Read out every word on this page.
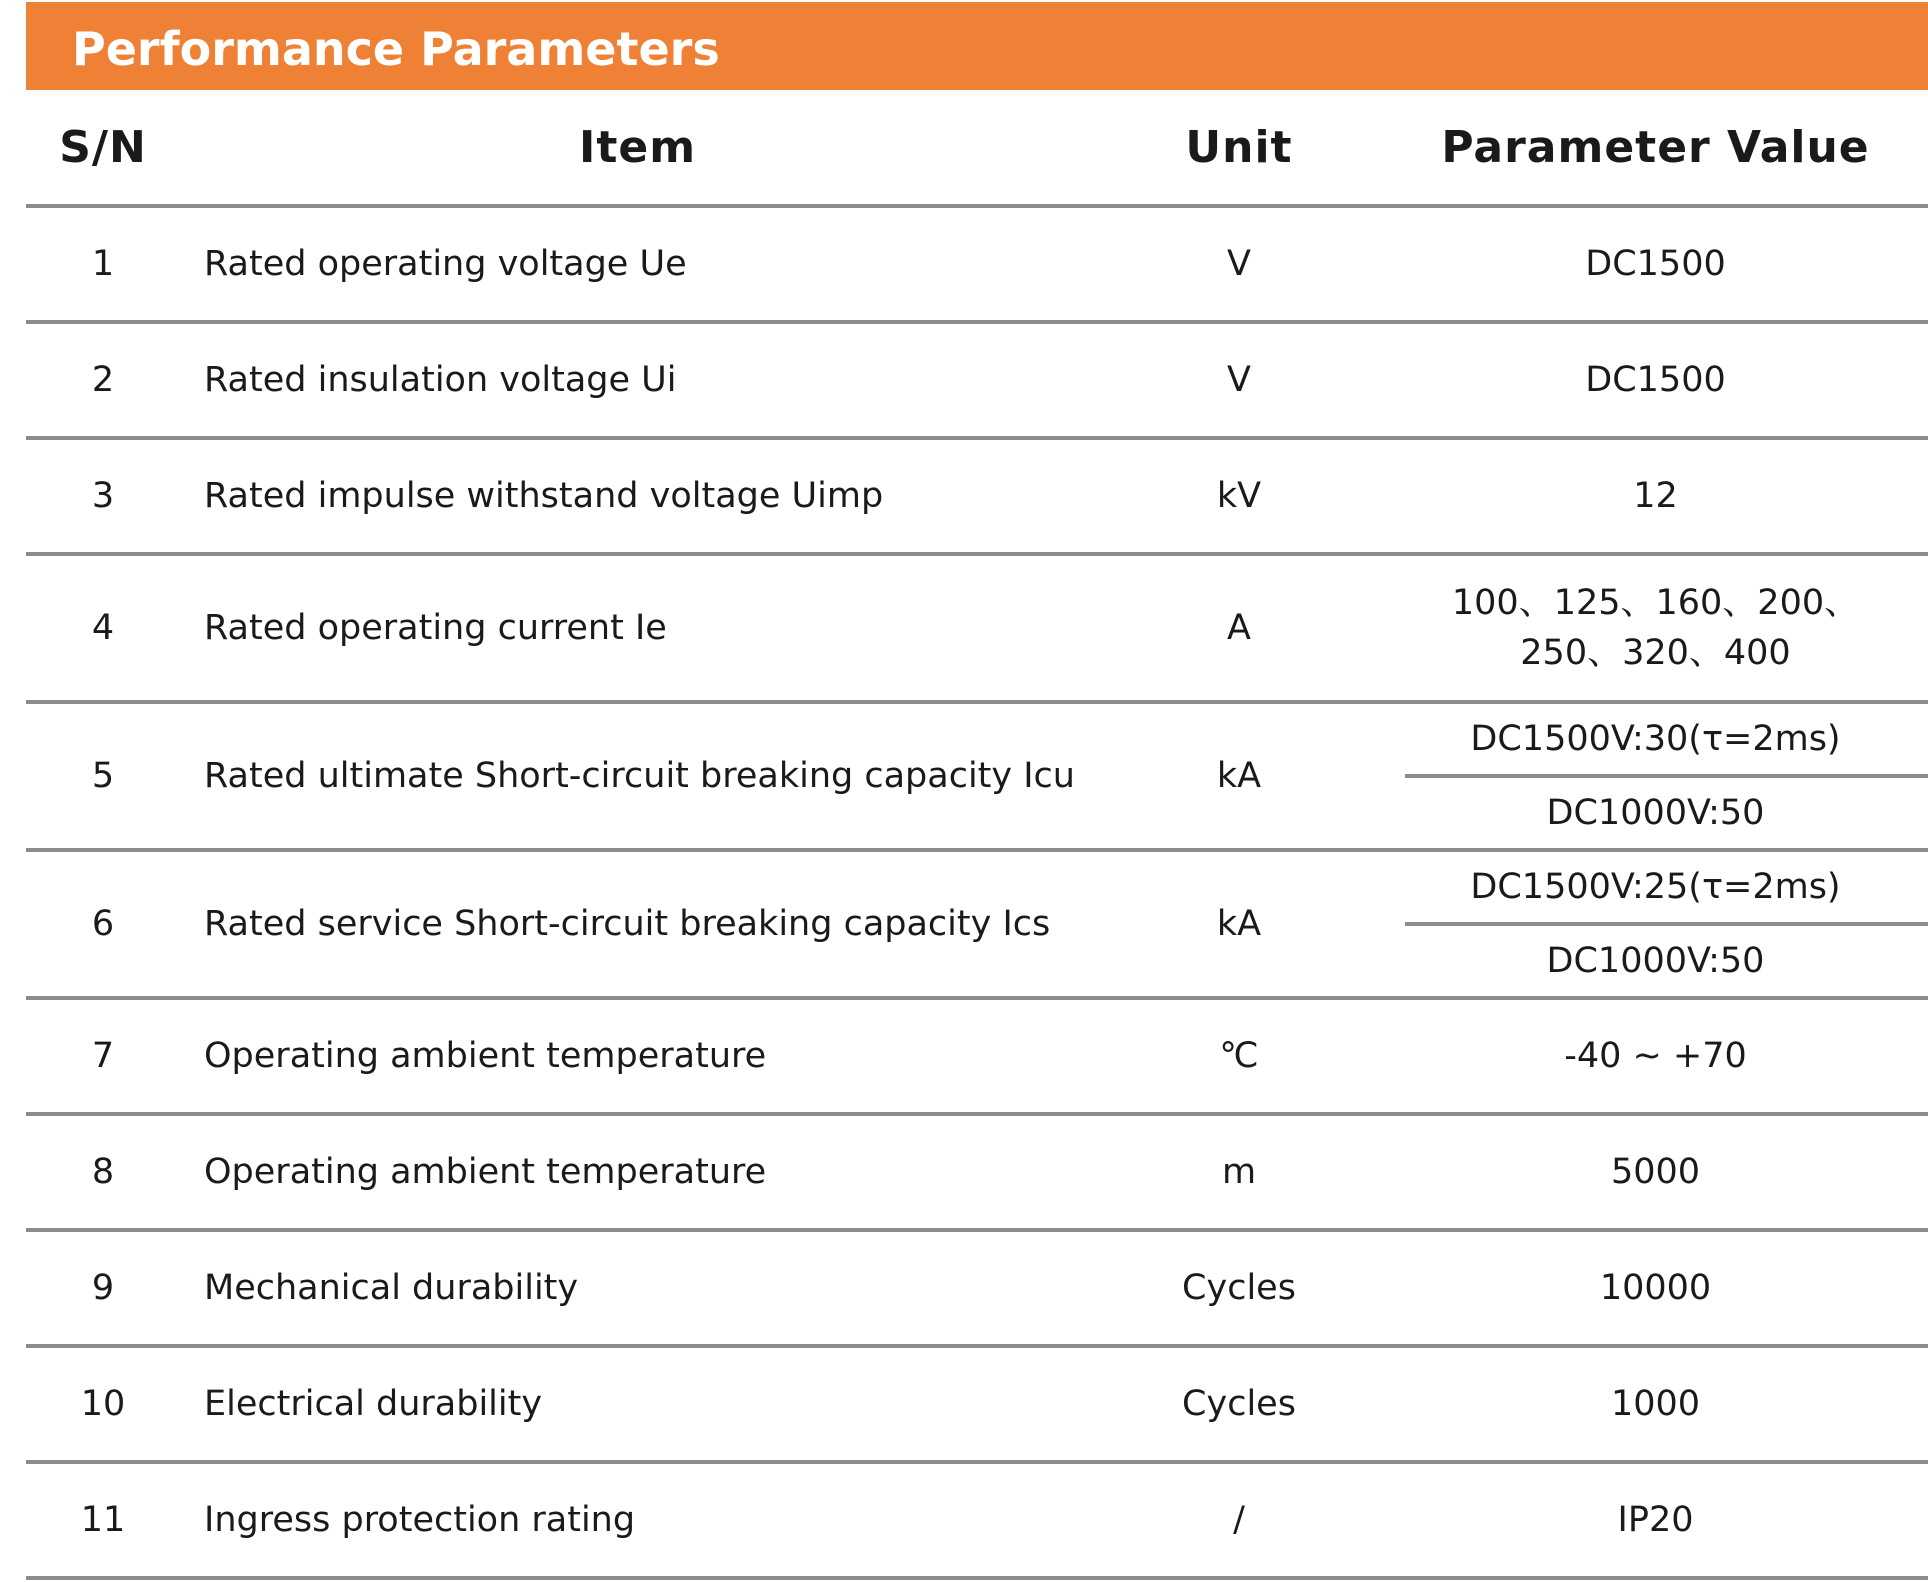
Performance Parameters
S/N	Item	Unit	Parameter Value
1	Rated operating voltage Ue	V	DC1500
2	Rated insulation voltage Ui	V	DC1500
3	Rated impulse withstand voltage Uimp	kV	12
4	Rated operating current Ie	A	100、125、160、200、
250、320、400

5	Rated ultimate Short-circuit breaking capacity Icu	kA	DC1500V:30(τ=2ms)
DC1000V:50

6	Rated service Short-circuit breaking capacity Ics	kA	DC1500V:25(τ=2ms)
DC1000V:50

7	Operating ambient temperature	℃	-40 ~ +70
8	Operating ambient temperature	m	5000
9	Mechanical durability	Cycles	10000
10	Electrical durability	Cycles	1000
11	Ingress protection rating	/	IP20
